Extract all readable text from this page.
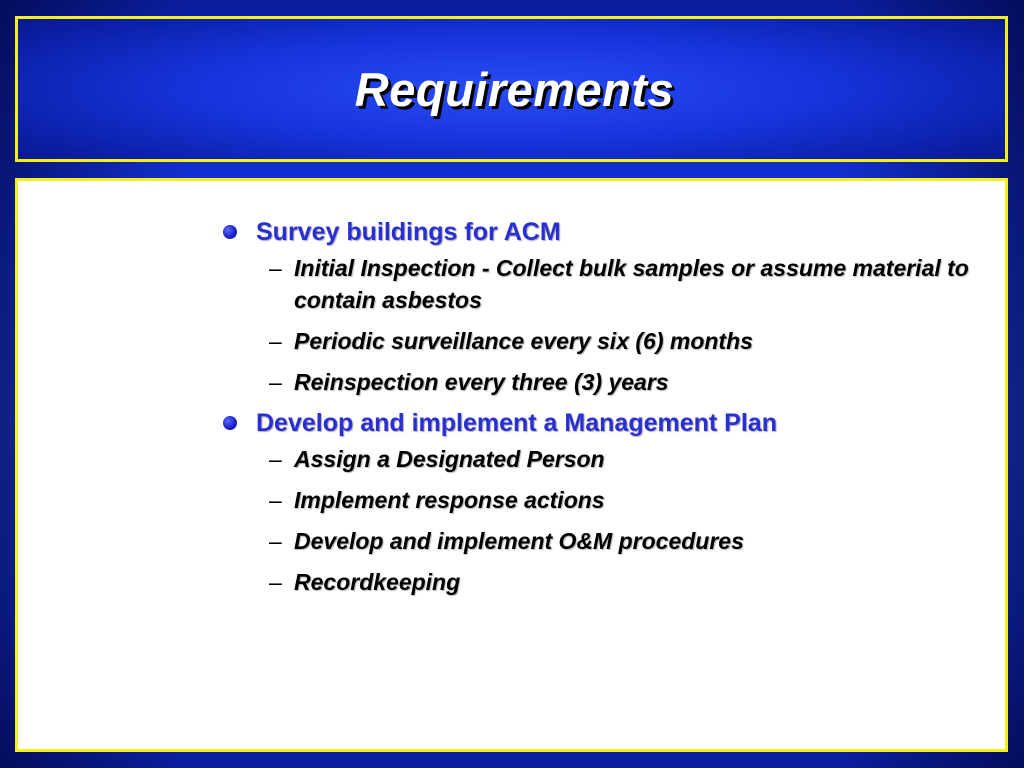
Requirements
Survey buildings for ACM
– Initial Inspection - Collect bulk samples or assume material to contain asbestos
– Periodic surveillance every six (6) months
– Reinspection every three (3) years
Develop and implement a Management Plan
– Assign a Designated Person
– Implement response actions
– Develop and implement O&M procedures
– Recordkeeping
